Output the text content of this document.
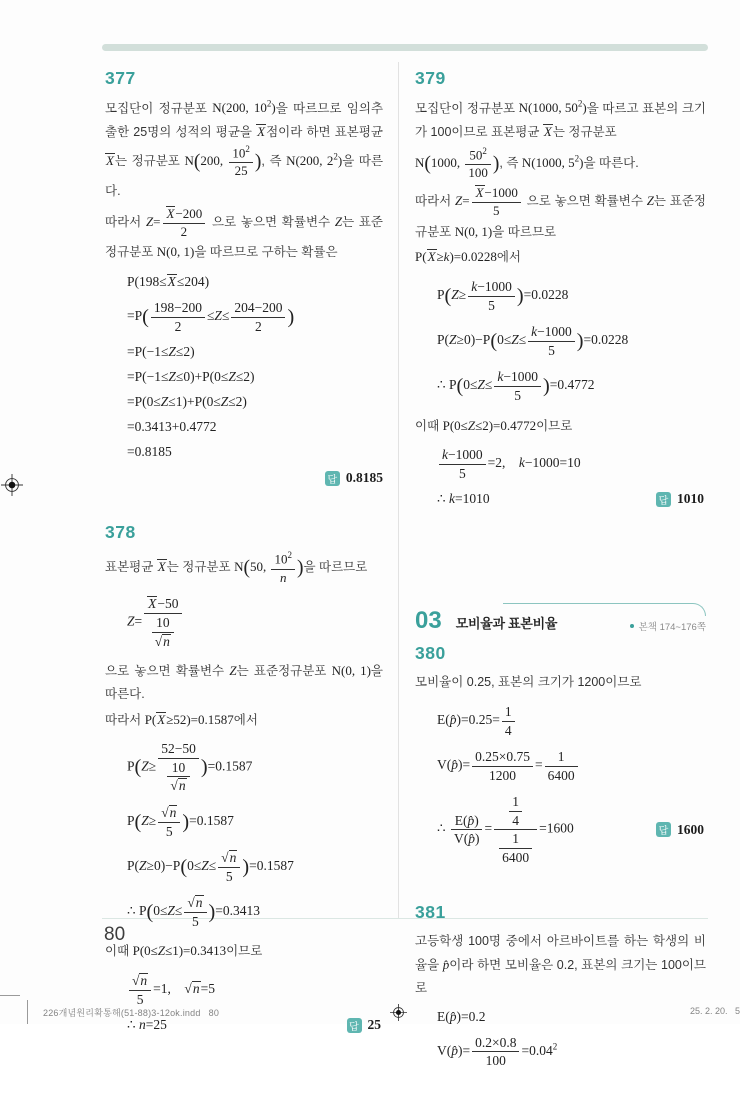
377
모집단이 정규분포 N(200, $10^2$)을 따르므로 임의추출한 25명의 성적의 평균을 X점이라 하면 표본평균 X는 정규분포 N(200, $\frac{10^2}{25}$ ), 즉 N(200, $2^2$)을 따른다.
따라서 $Z= \frac{X-200}{2}$ 으로 놓으면 확률변수 Z는 표준정규분포 N(0, 1)을 따르므로 구하는 확률은
P(198≤X≤204)
$=P( \frac{198-200}{2} \le Z\le \frac{204-200}{2}$ )
=P(−1≤Z≤2)
=P(−1≤Z≤0)+P(0≤Z≤2)
=P(0≤Z≤1)+P(0≤Z≤2)
=0.3413+0.4772
=0.8185
답 0.8185
378
표본평균 X는 정규분포 N(50, $\frac{10^2}{n}$ )을 따르므로
$Z= \frac{X-50}{\frac{10}{√n}}$
으로 놓으면 확률변수 Z는 표준정규분포 N(0, 1)을 따른다.
따라서 P(X≥52)=0.1587에서
$P(Z\ge \frac{52-50}{\frac{10}{√n}} )=0.1587$
$P(Z\ge \frac{√n}{5} )=0.1587$
$P(Z\ge 0)-P(0\le Z\le \frac{√n}{5} )=0.1587$
∴ $P(0\le Z\le \frac{√n}{5} )=0.3413$
이때 P(0≤Z≤1)=0.3413이므로
$\frac{√n}{5} =1$,    √n=5
∴ n=25	답 25
379
모집단이 정규분포 N(1000, $50^2$)을 따르고 표본의 크기가 100이므로 표본평균 X는 정규분포
N(1000, $\frac{50^2}{100}$ ), 즉 N(1000, $5^2$)을 따른다.
따라서 $Z= \frac{X-1000}{5}$ 으로 놓으면 확률변수 Z는 표준정규분포 N(0, 1)을 따르므로
P(X≥k)=0.0228에서
$P(Z\ge \frac{k-1000}{5} )=0.0228$
$P(Z\ge 0)-P(0\le Z\le \frac{k-1000}{5} )=0.0228$
∴ $P(0\le Z\le \frac{k-1000}{5} )=0.4772$
이때 P(0≤Z≤2)=0.4772이므로
$\frac{k-1000}{5} =2$,    k−1000=10
∴ k=1010	답 1010
03 모비율과 표본비율	본책 174~176쪽
380
모비율이 0.25, 표본의 크기가 1200이므로
E(p̂)=0.25= $\frac{1}{4}$
V(p̂)= $\frac{0.25\times 0.75}{1200} = \frac{1}{6400}$
∴ $\frac{E(p̂)}{V(p̂)} = \frac{\frac{1}{4}}{\frac{1}{6400}} =1600$	답 1600
381
고등학생 100명 중에서 아르바이트를 하는 학생의 비율을 p̂이라 하면 모비율은 0.2, 표본의 크기는 100이므로
E(p̂)=0.2
V(p̂)= $\frac{0.2\times 0.8}{100} =0.04^2$
80
226개념원리확통해(51-88)3-12ok.indd   80	25. 2. 20.   5
